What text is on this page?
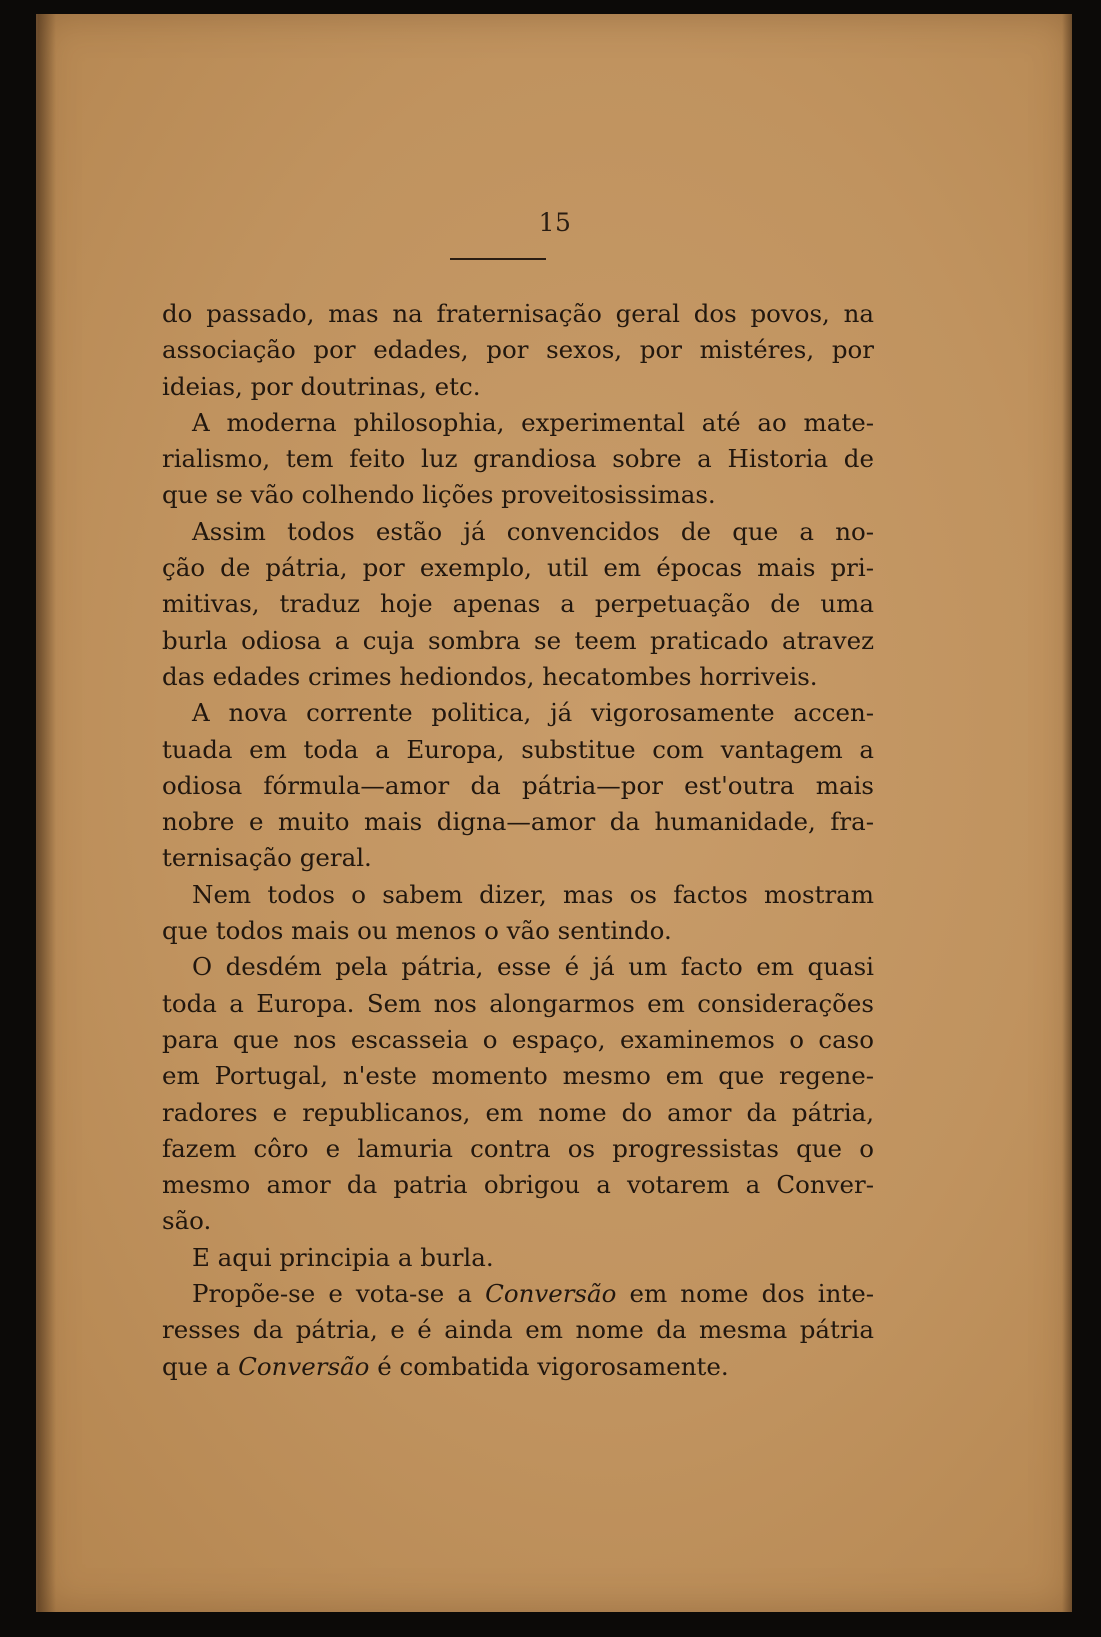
15
do passado, mas na fraternisação geral dos povos, na
associação por edades, por sexos, por mistéres, por
ideias, por doutrinas, etc.
A moderna philosophia, experimental até ao mate-
rialismo, tem feito luz grandiosa sobre a Historia de
que se vão colhendo lições proveitosissimas.
Assim todos estão já convencidos de que a no-
ção de pátria, por exemplo, util em épocas mais pri-
mitivas, traduz hoje apenas a perpetuação de uma
burla odiosa a cuja sombra se teem praticado atravez
das edades crimes hediondos, hecatombes horriveis.
A nova corrente politica, já vigorosamente accen-
tuada em toda a Europa, substitue com vantagem a
odiosa fórmula—amor da pátria—por est'outra mais
nobre e muito mais digna—amor da humanidade, fra-
ternisação geral.
Nem todos o sabem dizer, mas os factos mostram
que todos mais ou menos o vão sentindo.
O desdém pela pátria, esse é já um facto em quasi
toda a Europa. Sem nos alongarmos em considerações
para que nos escasseia o espaço, examinemos o caso
em Portugal, n'este momento mesmo em que regene-
radores e republicanos, em nome do amor da pátria,
fazem côro e lamuria contra os progressistas que o
mesmo amor da patria obrigou a votarem a Conver-
são.
E aqui principia a burla.
Propõe-se e vota-se a Conversão em nome dos inte-
resses da pátria, e é ainda em nome da mesma pátria
que a Conversão é combatida vigorosamente.
